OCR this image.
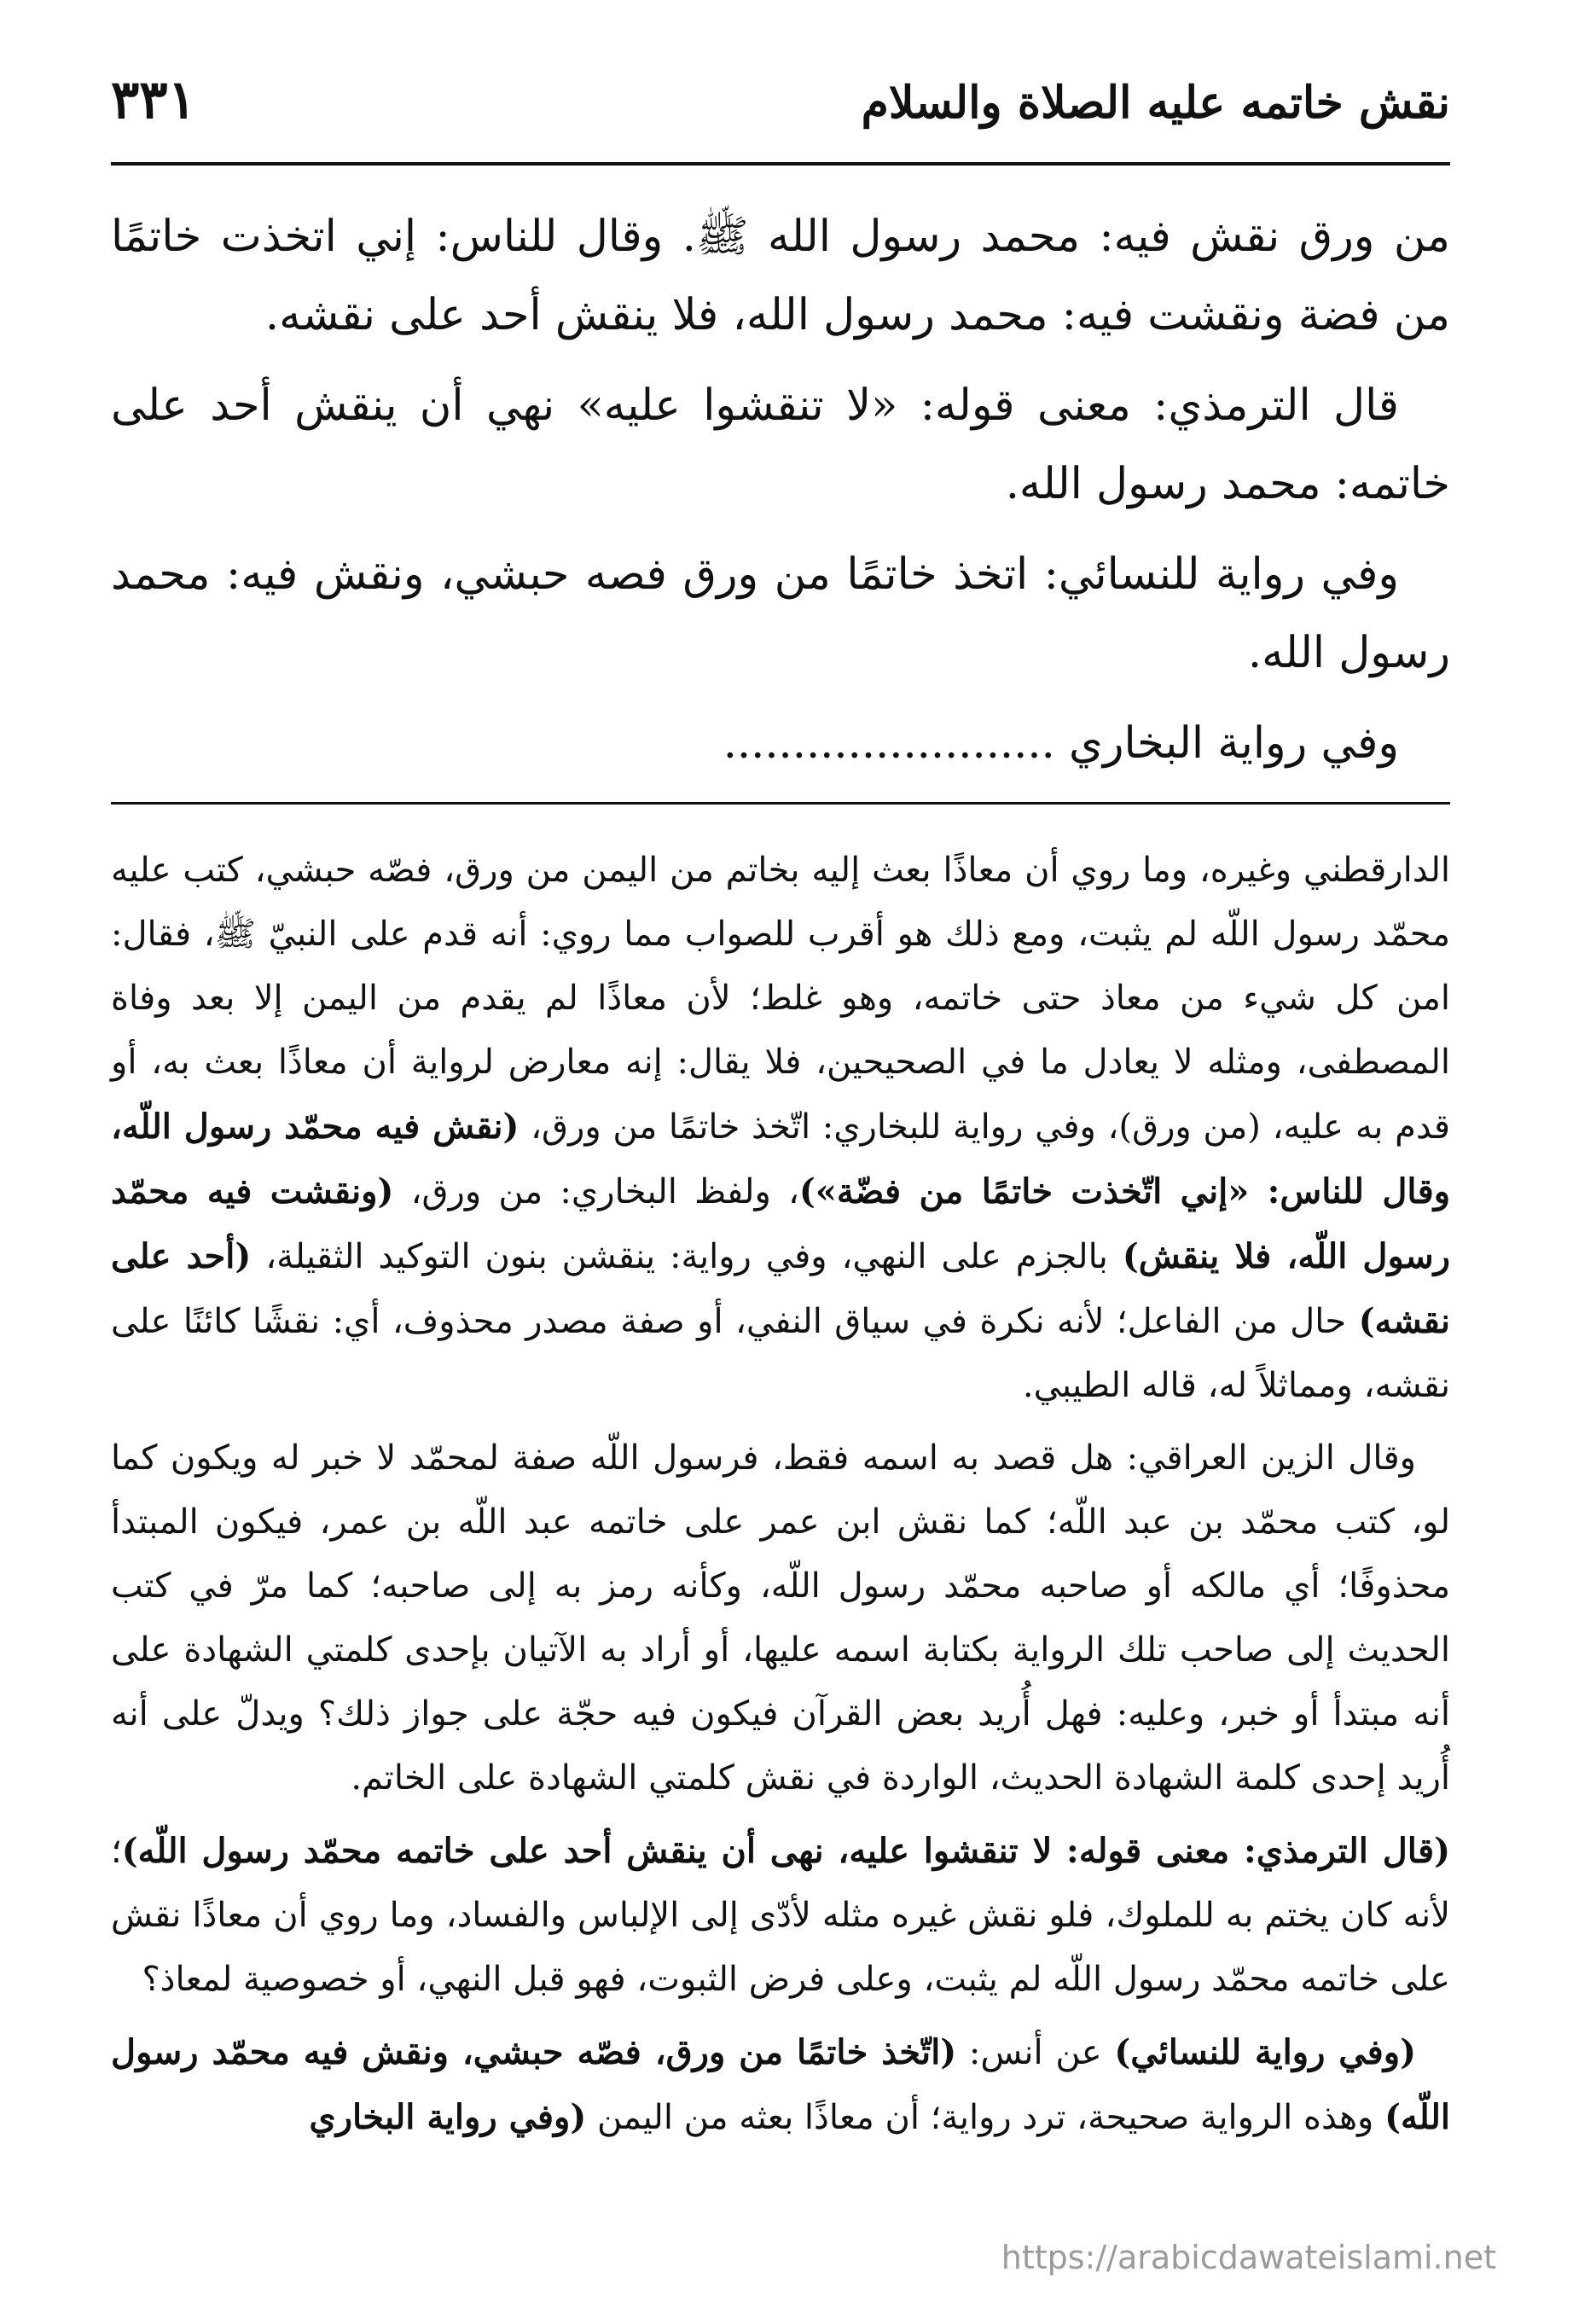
نقش خاتمه عليه الصلاة والسلام
٣٣١

من ورق نقش فيه: محمد رسول الله ﷺ. وقال للناس: إني اتخذت خاتمًا من فضة ونقشت فيه: محمد رسول الله، فلا ينقش أحد على نقشه.

قال الترمذي: معنى قوله: «لا تنقشوا عليه» نهي أن ينقش أحد على خاتمه: محمد رسول الله.

وفي رواية للنسائي: اتخذ خاتمًا من ورق فصه حبشي، ونقش فيه: محمد رسول الله.

وفي رواية البخاري ........................

الدارقطني وغيره، وما روي أن معاذًا بعث إليه بخاتم من اليمن من ورق، فصّه حبشي، كتب عليه محمّد رسول اللّه لم يثبت، ومع ذلك هو أقرب للصواب مما روي: أنه قدم على النبيّ ﷺ، فقال: امن كل شيء من معاذ حتى خاتمه، وهو غلط؛ لأن معاذًا لم يقدم من اليمن إلا بعد وفاة المصطفى، ومثله لا يعادل ما في الصحيحين، فلا يقال: إنه معارض لرواية أن معاذًا بعث به، أو قدم به عليه، (من ورق)، وفي رواية للبخاري: اتّخذ خاتمًا من ورق، (نقش فيه محمّد رسول اللّه، وقال للناس: «إني اتّخذت خاتمًا من فضّة»)، ولفظ البخاري: من ورق، (ونقشت فيه محمّد رسول اللّه، فلا ينقش) بالجزم على النهي، وفي رواية: ينقشن بنون التوكيد الثقيلة، (أحد على نقشه) حال من الفاعل؛ لأنه نكرة في سياق النفي، أو صفة مصدر محذوف، أي: نقشًا كائنًا على نقشه، ومماثلاً له، قاله الطيبي.

وقال الزين العراقي: هل قصد به اسمه فقط، فرسول اللّه صفة لمحمّد لا خبر له ويكون كما لو، كتب محمّد بن عبد اللّه؛ كما نقش ابن عمر على خاتمه عبد اللّه بن عمر، فيكون المبتدأ محذوفًا؛ أي مالكه أو صاحبه محمّد رسول اللّه، وكأنه رمز به إلى صاحبه؛ كما مرّ في كتب الحديث إلى صاحب تلك الرواية بكتابة اسمه عليها، أو أراد به الآتيان بإحدى كلمتي الشهادة على أنه مبتدأ أو خبر، وعليه: فهل أُريد بعض القرآن فيكون فيه حجّة على جواز ذلك؟ ويدلّ على أنه أُريد إحدى كلمة الشهادة الحديث، الواردة في نقش كلمتي الشهادة على الخاتم.

(قال الترمذي: معنى قوله: لا تنقشوا عليه، نهى أن ينقش أحد على خاتمه محمّد رسول اللّه)؛ لأنه كان يختم به للملوك، فلو نقش غيره مثله لأدّى إلى الإلباس والفساد، وما روي أن معاذًا نقش على خاتمه محمّد رسول اللّه لم يثبت، وعلى فرض الثبوت، فهو قبل النهي، أو خصوصية لمعاذ؟

(وفي رواية للنسائي) عن أنس: (اتّخذ خاتمًا من ورق، فصّه حبشي، ونقش فيه محمّد رسول اللّه) وهذه الرواية صحيحة، ترد رواية؛ أن معاذًا بعثه من اليمن (وفي رواية البخاري

https://arabicdawateislami.net
